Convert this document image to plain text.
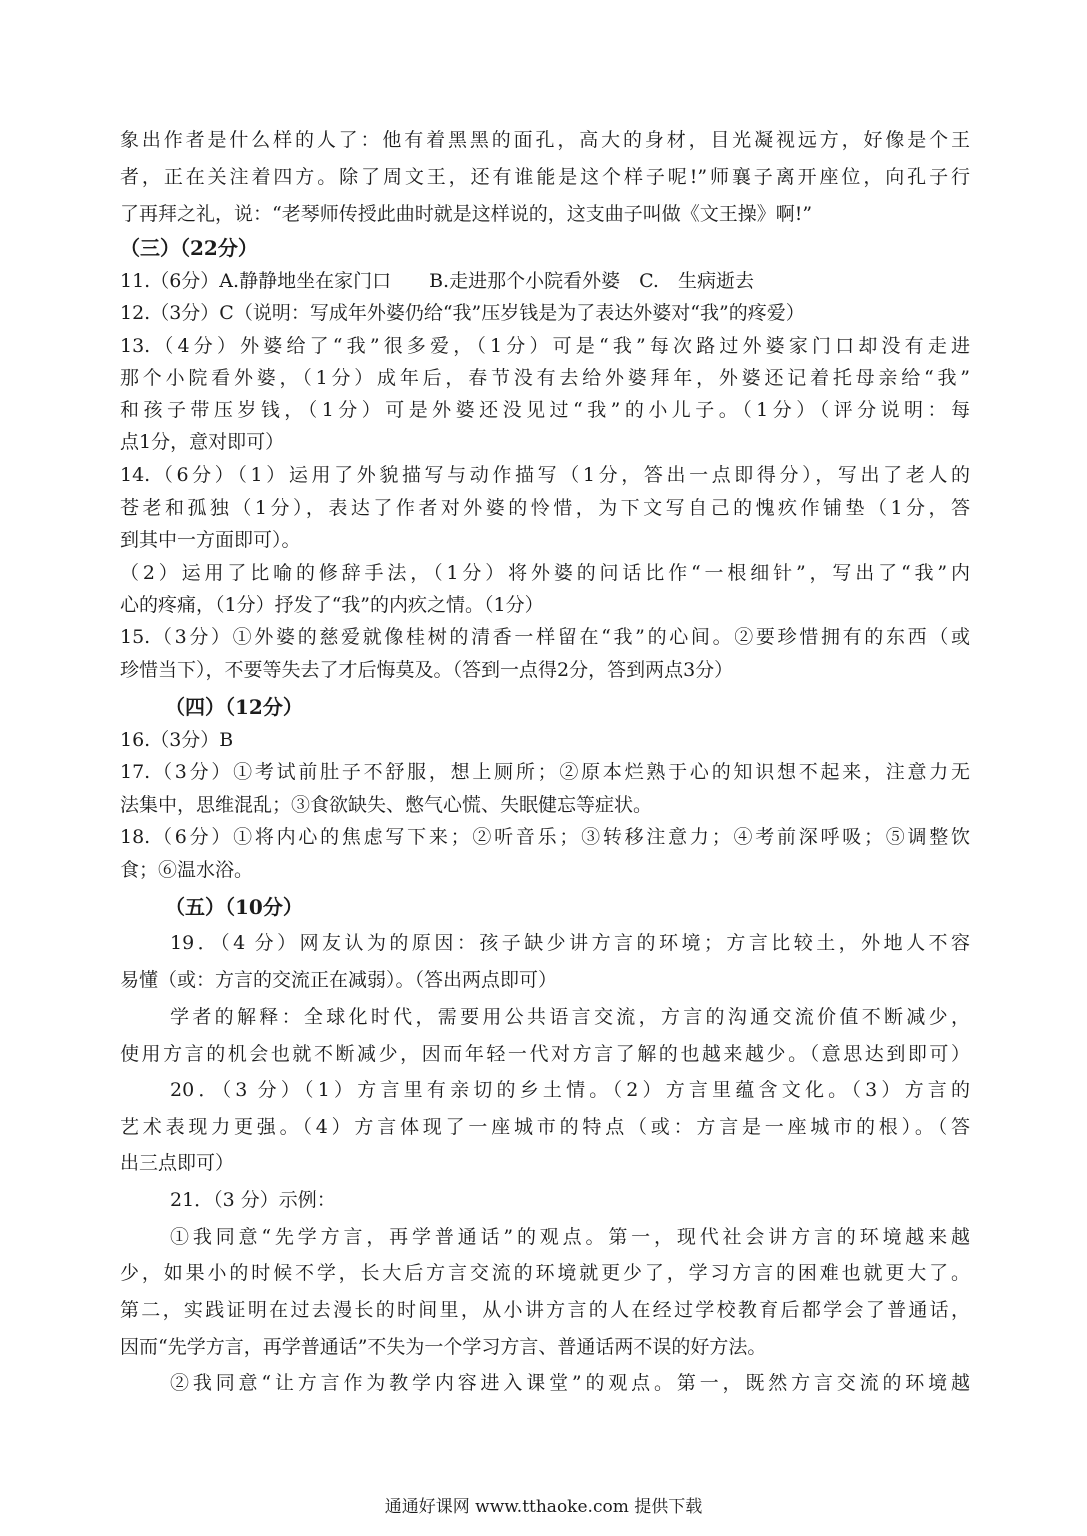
象出作者是什么样的人了：他有着黑黑的面孔，高大的身材，目光凝视远方，好像是个王
者，正在关注着四方。除了周文王，还有谁能是这个样子呢!”师襄子离开座位，向孔子行
了再拜之礼，说：“老琴师传授此曲时就是这样说的，这支曲子叫做《文王操》啊!”
（三）（22分）
11.（6分）A.静静地坐在家门口　　B.走进那个小院看外婆　C.　生病逝去
12.（3分）C（说明：写成年外婆仍给“我”压岁钱是为了表达外婆对“我”的疼爱）
13.（4分）外婆给了“我”很多爱，（1分）可是“我”每次路过外婆家门口却没有走进
那个小院看外婆，（1分）成年后，春节没有去给外婆拜年，外婆还记着托母亲给“我”
和孩子带压岁钱，（1分）可是外婆还没见过“我”的小儿子。（1分）（评分说明：每
点1分，意对即可）
14.（6分）（1）运用了外貌描写与动作描写（1分，答出一点即得分），写出了老人的
苍老和孤独（1分），表达了作者对外婆的怜惜，为下文写自己的愧疚作铺垫（1分，答
到其中一方面即可）。
（2）运用了比喻的修辞手法，（1分）将外婆的问话比作“一根细针”，写出了“我”内
心的疼痛，（1分）抒发了“我”的内疚之情。（1分）
15.（3分）①外婆的慈爱就像桂树的清香一样留在“我”的心间。②要珍惜拥有的东西（或
珍惜当下），不要等失去了才后悔莫及。（答到一点得2分，答到两点3分）
（四）（12分）
16.（3分）B
17.（3分）①考试前肚子不舒服，想上厕所；②原本烂熟于心的知识想不起来，注意力无
法集中，思维混乱；③食欲缺失、憋气心慌、失眠健忘等症状。
18.（6分）①将内心的焦虑写下来；②听音乐；③转移注意力；④考前深呼吸；⑤调整饮
食；⑥温水浴。
（五）（10分）
19．（4 分）网友认为的原因：孩子缺少讲方言的环境；方言比较土，外地人不容
易懂（或：方言的交流正在减弱）。（答出两点即可）
学者的解释：全球化时代，需要用公共语言交流，方言的沟通交流价值不断减少，
使用方言的机会也就不断减少，因而年轻一代对方言了解的也越来越少。（意思达到即可）
20．（3 分）（1）方言里有亲切的乡土情。（2）方言里蕴含文化。（3）方言的
艺术表现力更强。（4）方言体现了一座城市的特点（或：方言是一座城市的根）。（答
出三点即可）
21．（3 分）示例：
①我同意“先学方言，再学普通话”的观点。第一，现代社会讲方言的环境越来越
少，如果小的时候不学，长大后方言交流的环境就更少了，学习方言的困难也就更大了。
第二，实践证明在过去漫长的时间里，从小讲方言的人在经过学校教育后都学会了普通话，
因而“先学方言，再学普通话”不失为一个学习方言、普通话两不误的好方法。
②我同意“让方言作为教学内容进入课堂”的观点。第一，既然方言交流的环境越
通通好课网 www.tthaoke.com 提供下载
